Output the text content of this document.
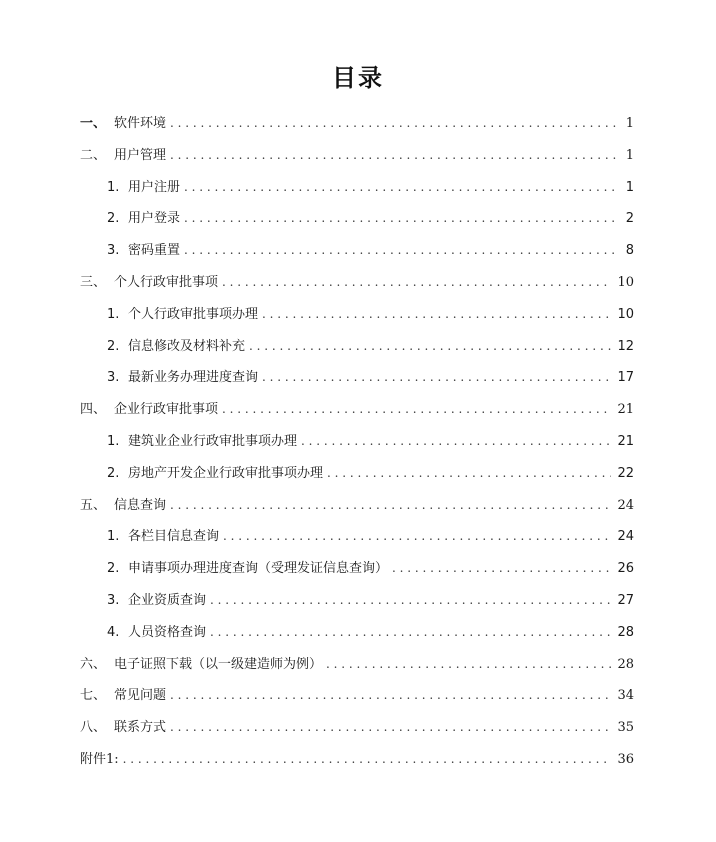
目录
一、 软件环境 . . .	1
二、 用户管理 . . .	1
1. 用户注册 . . .	1
2. 用户登录 . . .	2
3. 密码重置 . . .	8
三、 个人行政审批事项 . . .	10
1. 个人行政审批事项办理 . . .	10
2. 信息修改及材料补充 . . .	12
3. 最新业务办理进度查询 . . .	17
四、 企业行政审批事项 . . .	21
1. 建筑业企业行政审批事项办理 . . .	21
2. 房地产开发企业行政审批事项办理 . . .	22
五、 信息查询 . . .	24
1. 各栏目信息查询 . . .	24
2. 申请事项办理进度查询（受理发证信息查询） . . .	26
3. 企业资质查询 . . .	27
4. 人员资格查询 . . .	28
六、 电子证照下载（以一级建造师为例） . . .	28
七、 常见问题 . . .	34
八、 联系方式 . . .	35
附件1: . . .	36
